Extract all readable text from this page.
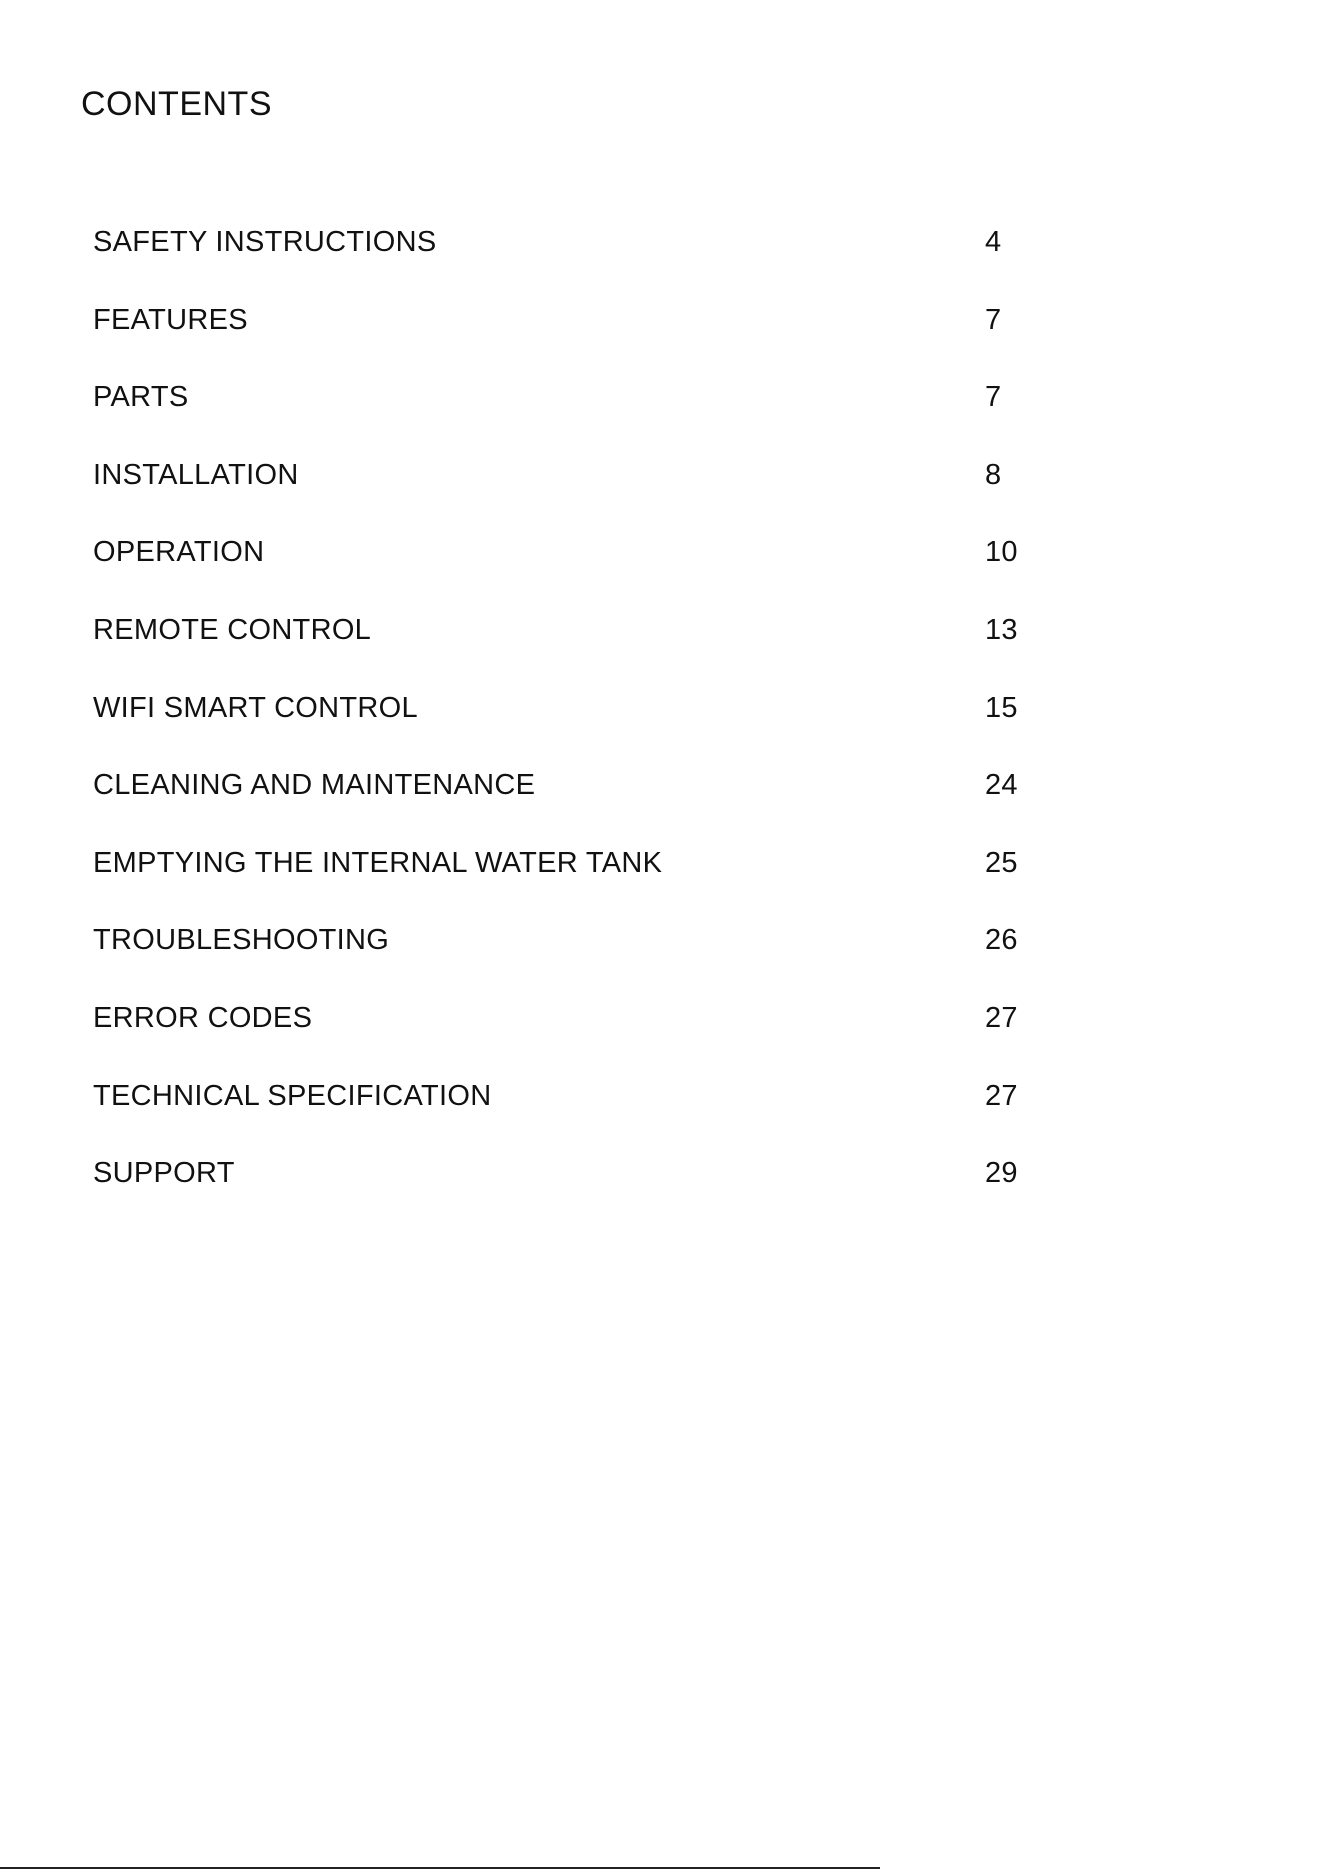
CONTENTS
SAFETY INSTRUCTIONS	4
FEATURES	7
PARTS	7
INSTALLATION	8
OPERATION	10
REMOTE CONTROL	13
WIFI SMART CONTROL	15
CLEANING AND MAINTENANCE	24
EMPTYING THE INTERNAL WATER TANK	25
TROUBLESHOOTING	26
ERROR CODES	27
TECHNICAL SPECIFICATION	27
SUPPORT	29
